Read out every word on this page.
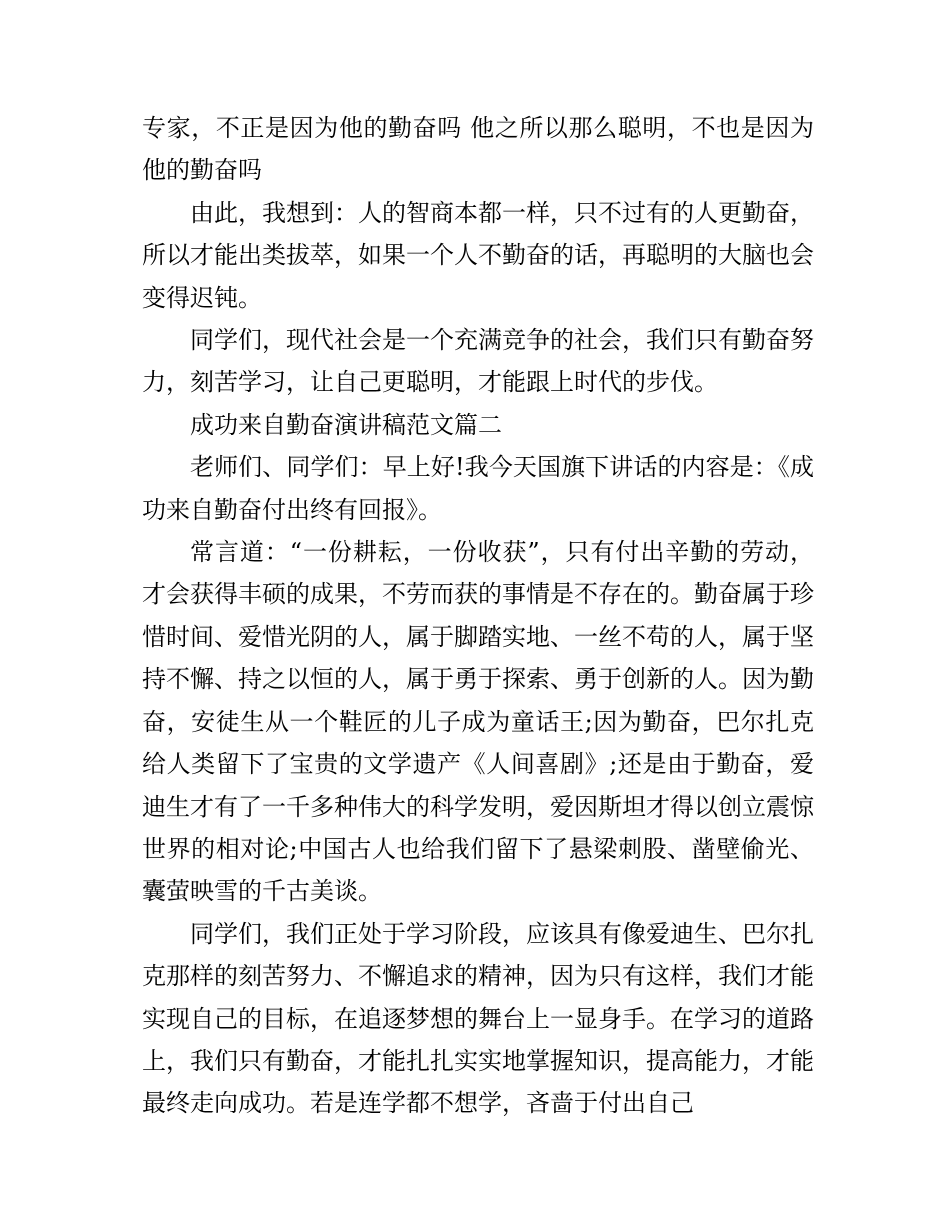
专家，不正是因为他的勤奋吗 他之所以那么聪明，不也是因为他的勤奋吗

由此，我想到：人的智商本都一样，只不过有的人更勤奋，所以才能出类拔萃，如果一个人不勤奋的话，再聪明的大脑也会变得迟钝。

同学们，现代社会是一个充满竞争的社会，我们只有勤奋努力，刻苦学习，让自己更聪明，才能跟上时代的步伐。

成功来自勤奋演讲稿范文篇二

老师们、同学们：早上好!我今天国旗下讲话的内容是：《成功来自勤奋付出终有回报》。

常言道：“一份耕耘，一份收获”，只有付出辛勤的劳动，才会获得丰硕的成果，不劳而获的事情是不存在的。勤奋属于珍惜时间、爱惜光阴的人，属于脚踏实地、一丝不苟的人，属于坚持不懈、持之以恒的人，属于勇于探索、勇于创新的人。因为勤奋，安徒生从一个鞋匠的儿子成为童话王;因为勤奋，巴尔扎克给人类留下了宝贵的文学遗产《人间喜剧》;还是由于勤奋，爱迪生才有了一千多种伟大的科学发明，爱因斯坦才得以创立震惊世界的相对论;中国古人也给我们留下了悬梁刺股、凿壁偷光、囊萤映雪的千古美谈。

同学们，我们正处于学习阶段，应该具有像爱迪生、巴尔扎克那样的刻苦努力、不懈追求的精神，因为只有这样，我们才能实现自己的目标，在追逐梦想的舞台上一显身手。在学习的道路上，我们只有勤奋，才能扎扎实实地掌握知识，提高能力，才能最终走向成功。若是连学都不想学，吝啬于付出自己
